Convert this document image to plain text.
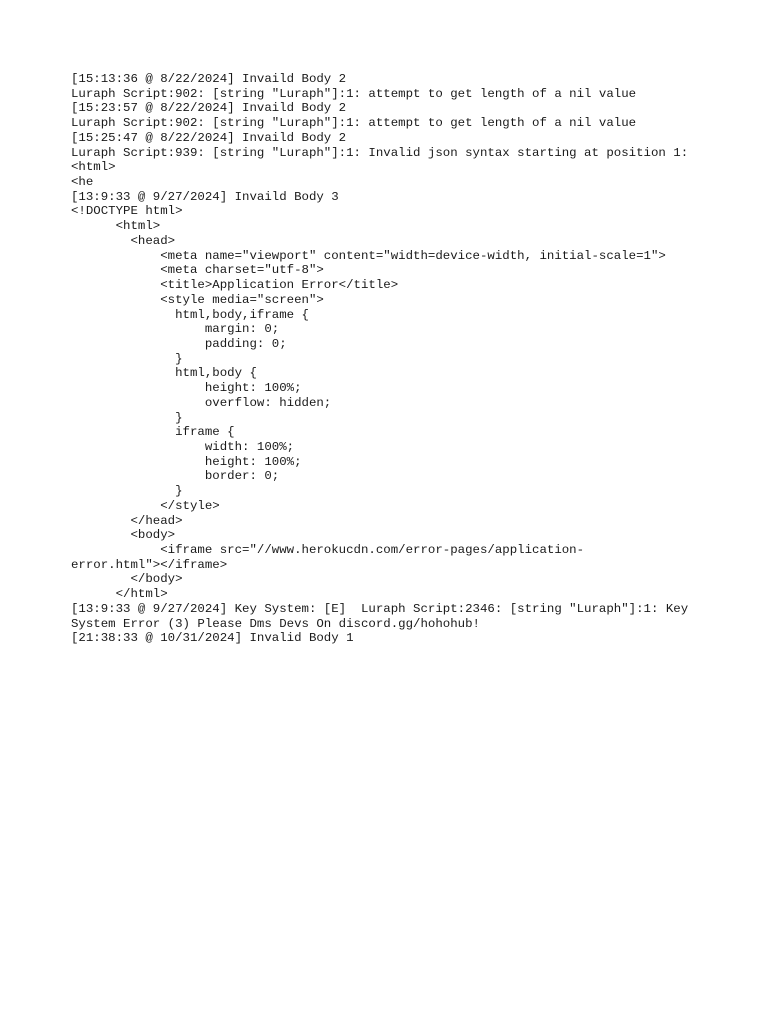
[15:13:36 @ 8/22/2024] Invaild Body 2
Luraph Script:902: [string "Luraph"]:1: attempt to get length of a nil value
[15:23:57 @ 8/22/2024] Invaild Body 2
Luraph Script:902: [string "Luraph"]:1: attempt to get length of a nil value
[15:25:47 @ 8/22/2024] Invaild Body 2
Luraph Script:939: [string "Luraph"]:1: Invalid json syntax starting at position 1:
<html>
<he
[13:9:33 @ 9/27/2024] Invaild Body 3
<!DOCTYPE html>
<html>
<head>
<meta name="viewport" content="width=device-width, initial-scale=1">
<meta charset="utf-8">
<title>Application Error</title>
<style media="screen">
html,body,iframe {
margin: 0;
padding: 0;
}
html,body {
height: 100%;
overflow: hidden;
}
iframe {
width: 100%;
height: 100%;
border: 0;
}
</style>
</head>
<body>
<iframe src="//www.herokucdn.com/error-pages/application-
error.html"></iframe>
</body>
</html>
[13:9:33 @ 9/27/2024] Key System: [E]  Luraph Script:2346: [string "Luraph"]:1: Key
System Error (3) Please Dms Devs On discord.gg/hohohub!
[21:38:33 @ 10/31/2024] Invalid Body 1
